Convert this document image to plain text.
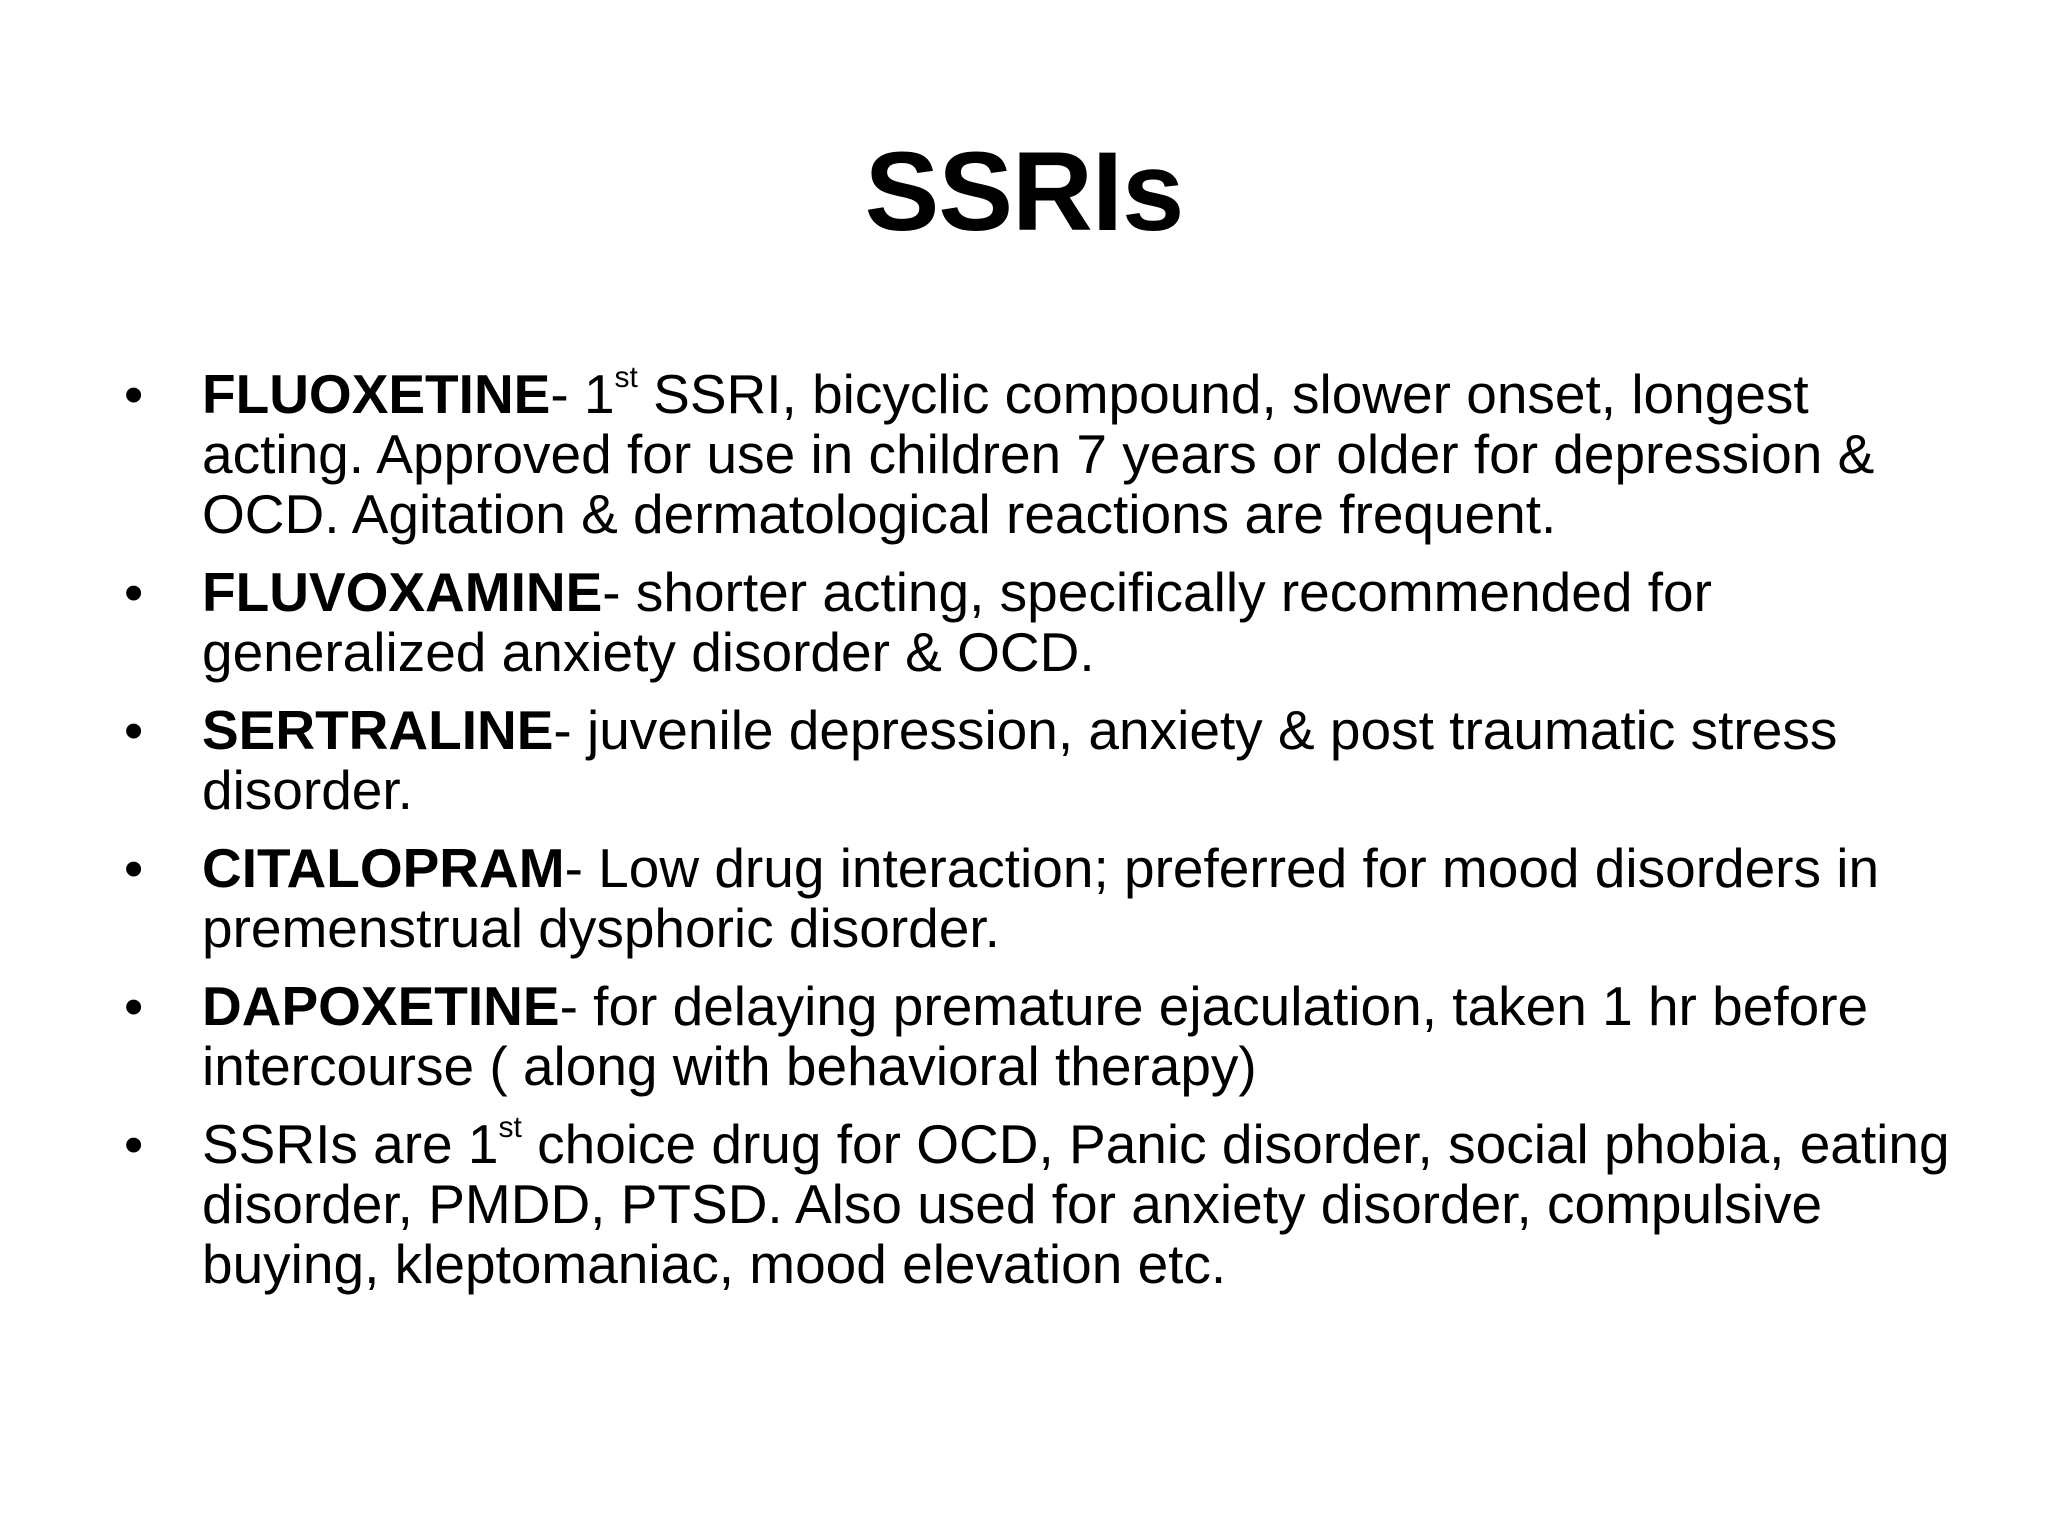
SSRIs
• FLUOXETINE- 1st SSRI, bicyclic compound, slower onset, longest acting. Approved for use in children 7 years or older for depression & OCD. Agitation & dermatological reactions are frequent.
• FLUVOXAMINE- shorter acting, specifically recommended for generalized anxiety disorder & OCD.
• SERTRALINE- juvenile depression, anxiety & post traumatic stress disorder.
• CITALOPRAM- Low drug interaction; preferred for mood disorders in premenstrual dysphoric disorder.
• DAPOXETINE- for delaying premature ejaculation, taken 1 hr before intercourse ( along with behavioral therapy)
• SSRIs are 1st choice drug for OCD, Panic disorder, social phobia, eating disorder, PMDD, PTSD. Also used for anxiety disorder, compulsive buying, kleptomaniac, mood elevation etc.
